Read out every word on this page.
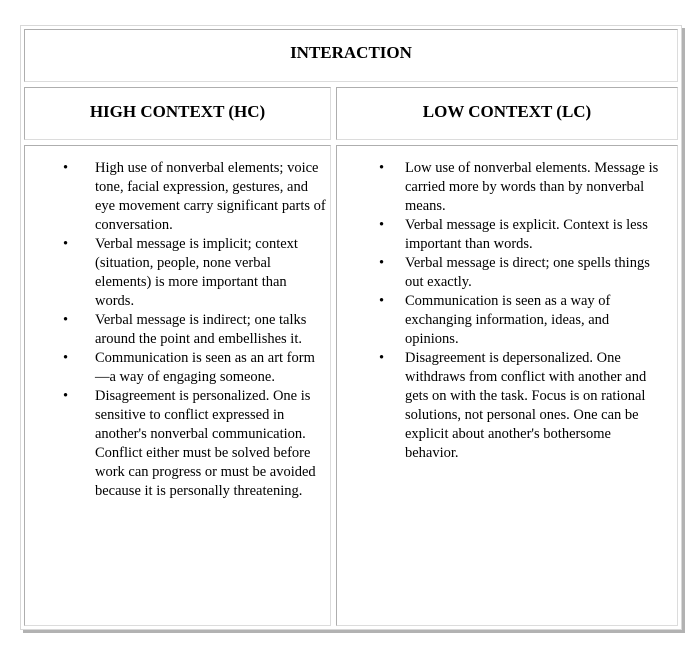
INTERACTION
HIGH CONTEXT (HC)	LOW CONTEXT (LC)
• High use of nonverbal elements; voice tone, facial expression, gestures, and eye movement carry significant parts of conversation.
• Verbal message is implicit; context (situation, people, none verbal elements) is more important than words.
• Verbal message is indirect; one talks around the point and embellishes it.
• Communication is seen as an art form—a way of engaging someone.
• Disagreement is personalized. One is sensitive to conflict expressed in another's nonverbal communication. Conflict either must be solved before work can progress or must be avoided because it is personally threatening.
• Low use of nonverbal elements. Message is carried more by words than by nonverbal means.
• Verbal message is explicit. Context is less important than words.
• Verbal message is direct; one spells things out exactly.
• Communication is seen as a way of exchanging information, ideas, and opinions.
• Disagreement is depersonalized. One withdraws from conflict with another and gets on with the task. Focus is on rational solutions, not personal ones. One can be explicit about another's bothersome behavior.
